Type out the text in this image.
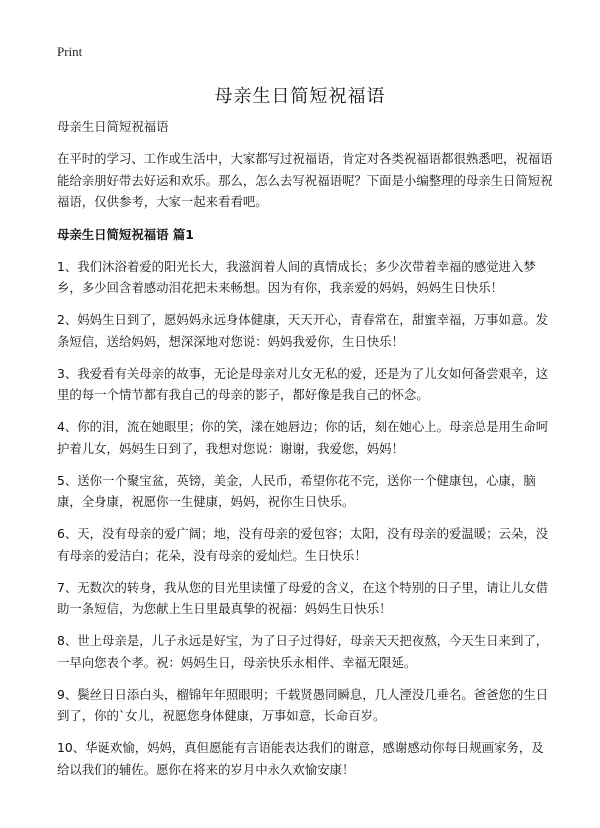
Print
母亲生日简短祝福语

母亲生日简短祝福语

在平时的学习、工作或生活中，大家都写过祝福语，肯定对各类祝福语都很熟悉吧，祝福语能给亲朋好带去好运和欢乐。那么，怎么去写祝福语呢？下面是小编整理的母亲生日简短祝福语，仅供参考，大家一起来看看吧。

母亲生日简短祝福语 篇1

1、我们沐浴着爱的阳光长大，我滋润着人间的真情成长；多少次带着幸福的感觉进入梦乡，多少回含着感动泪花把未来畅想。因为有你，我亲爱的妈妈，妈妈生日快乐！

2、妈妈生日到了，愿妈妈永远身体健康，天天开心，青春常在，甜蜜幸福，万事如意。发条短信，送给妈妈，想深深地对您说：妈妈我爱你，生日快乐！

3、我爱看有关母亲的故事，无论是母亲对儿女无私的爱，还是为了儿女如何备尝艰辛，这里的每一个情节都有我自己的母亲的影子，都好像是我自己的怀念。

4、你的泪，流在她眼里；你的笑，漾在她唇边；你的话，刻在她心上。母亲总是用生命呵护着儿女，妈妈生日到了，我想对您说：谢谢，我爱您，妈妈！

5、送你一个聚宝盆，英镑，美金，人民币，希望你花不完，送你一个健康包，心康，脑康，全身康，祝愿你一生健康，妈妈，祝你生日快乐。

6、天，没有母亲的爱广阔；地，没有母亲的爱包容；太阳，没有母亲的爱温暖；云朵，没有母亲的爱洁白；花朵，没有母亲的爱灿烂。生日快乐！

7、无数次的转身，我从您的目光里读懂了母爱的含义，在这个特别的日子里，请让儿女借助一条短信，为您献上生日里最真挚的祝福：妈妈生日快乐！

8、世上母亲是，儿子永远是好宝，为了日子过得好，母亲天天把夜熬，今天生日来到了，一早向您表个孝。祝：妈妈生日，母亲快乐永相伴、幸福无限延。

9、鬓丝日日添白头，榴锦年年照眼明；千载贤愚同瞬息，几人湮没几垂名。爸爸您的生日到了，你的`女儿，祝愿您身体健康，万事如意，长命百岁。

10、华诞欢愉，妈妈，真但愿能有言语能表达我们的谢意，感谢感动你每日规画家务，及给以我们的辅佐。愿你在将来的岁月中永久欢愉安康！
